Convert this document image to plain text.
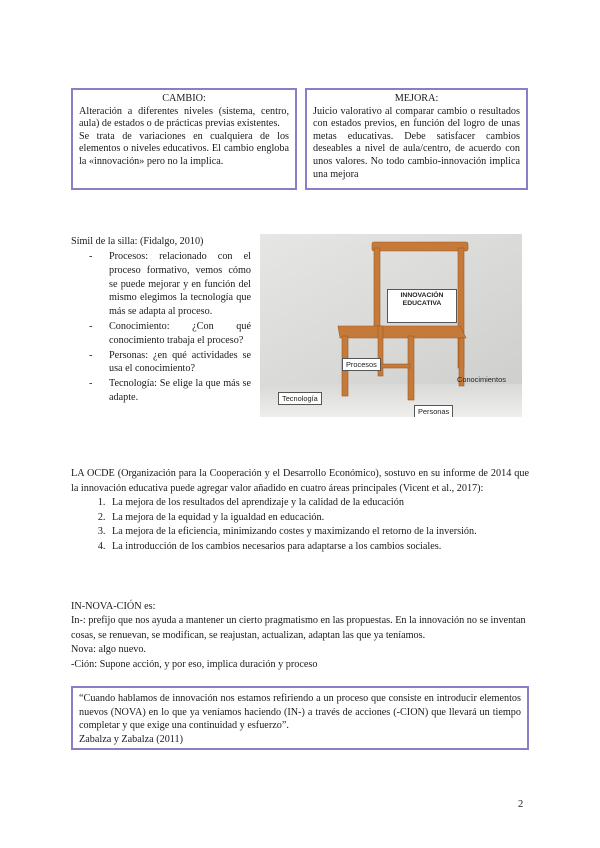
CAMBIO:

Alteración a diferentes niveles (sistema, centro, aula) de estados o de prácticas previas existentes.

Se trata de variaciones en cualquiera de los elementos o niveles educativos. El cambio engloba la «innovación» pero no la implica.

MEJORA:

Juicio valorativo al comparar cambio o resultados con estados previos, en función del logro de unas metas educativas. Debe satisfacer cambios deseables a nivel de aula/centro, de acuerdo con unos valores. No todo cambio-innovación implica una mejora

Símil de la silla: (Fidalgo, 2010)
- Procesos: relacionado con el proceso formativo, vemos cómo se puede mejorar y en función del mismo elegimos la tecnología que más se adapta al proceso.
- Conocimiento: ¿Con qué conocimiento trabaja el proceso?
- Personas: ¿en qué actividades se usa el conocimiento?
- Tecnología: Se elige la que más se adapte.
INNOVACIÓN
EDUCATIVA
Procesos
Conocimientos
Tecnología
Personas

LA OCDE (Organización para la Cooperación y el Desarrollo Económico), sostuvo en su informe de 2014 que la innovación educativa puede agregar valor añadido en cuatro áreas principales (Vicent et al., 2017):

1. La mejora de los resultados del aprendizaje y la calidad de la educación
2. La mejora de la equidad y la igualdad en educación.
3. La mejora de la eficiencia, minimizando costes y maximizando el retorno de la inversión.
4. La introducción de los cambios necesarios para adaptarse a los cambios sociales.

IN-NOVA-CIÓN es:

In-: prefijo que nos ayuda a mantener un cierto pragmatismo en las propuestas. En la innovación no se inventan cosas, se renuevan, se modifican, se reajustan, actualizan, adaptan las que ya teníamos.

Nova: algo nuevo.

-Ción: Supone acción, y por eso, implica duración y proceso

“Cuando hablamos de innovación nos estamos refiriendo a un proceso que consiste en introducir elementos nuevos (NOVA) en lo que ya veníamos haciendo (IN-) a través de acciones (-CION) que llevará un tiempo completar y que exige una continuidad y esfuerzo”.

Zabalza y Zabalza (2011)

2
